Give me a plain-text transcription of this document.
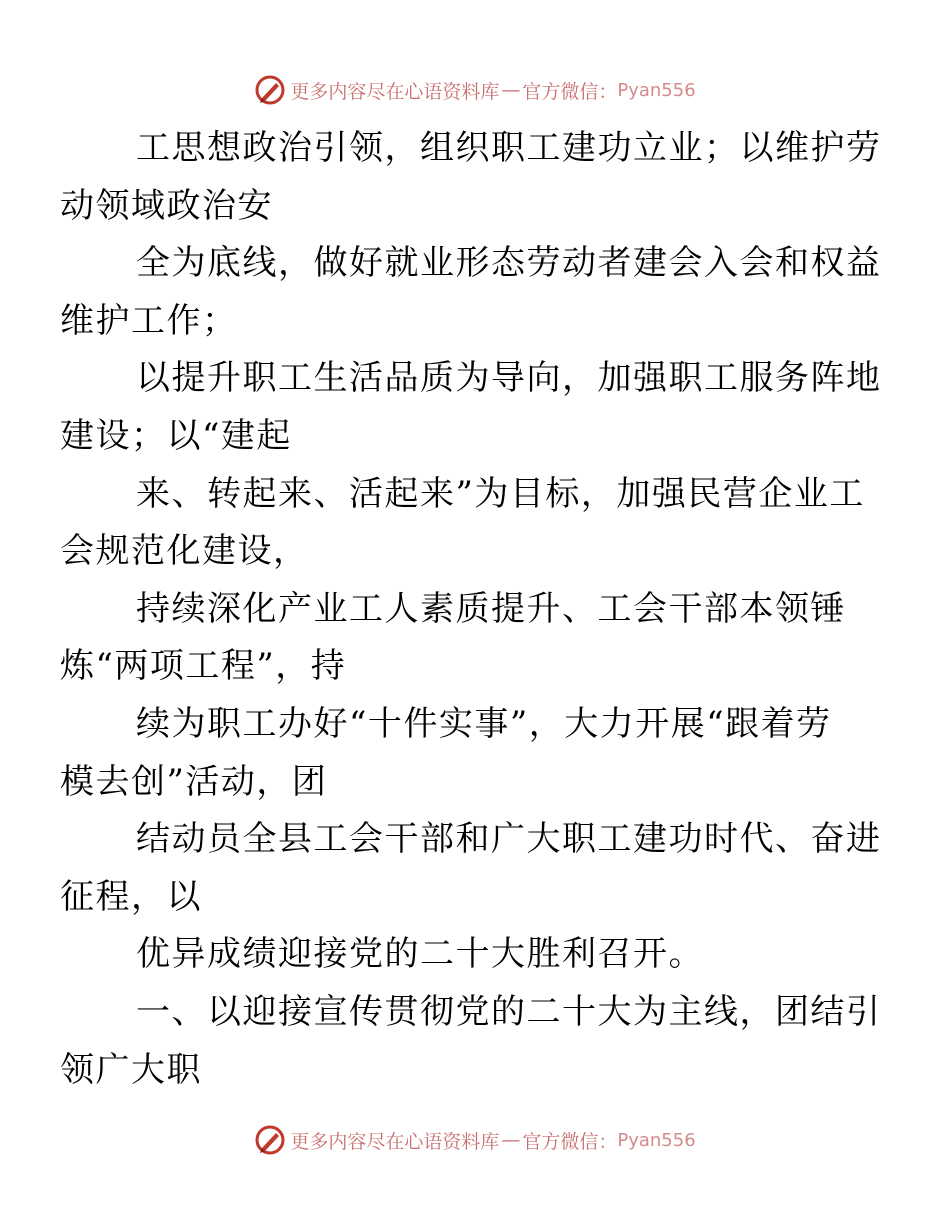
更多内容尽在心语资料库 — 官方微信： Pyan556

工思想政治引领，组织职工建功立业；以维护劳
动领域政治安

全为底线，做好就业形态劳动者建会入会和权益
维护工作；

以提升职工生活品质为导向，加强职工服务阵地
建设；以“建起

来、转起来、活起来”为目标，加强民营企业工
会规范化建设，

持续深化产业工人素质提升、工会干部本领锤
炼“两项工程”，持

续为职工办好“十件实事”，大力开展“跟着劳
模去创”活动，团

结动员全县工会干部和广大职工建功时代、奋进
征程，以

优异成绩迎接党的二十大胜利召开。

一、以迎接宣传贯彻党的二十大为主线，团结引
领广大职

更多内容尽在心语资料库 — 官方微信： Pyan556
